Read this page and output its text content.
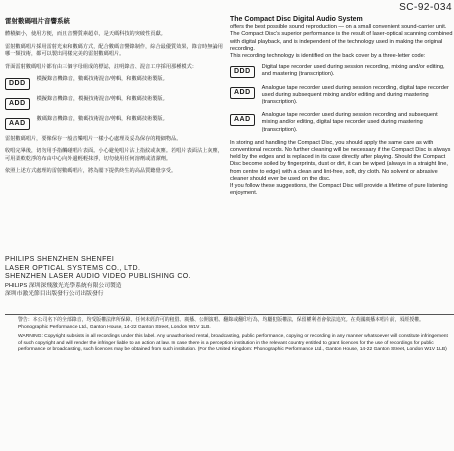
SC-92-034
雷射數碼唱片音響系統

體積細小，使用方便，而且音響質素超卓，是天碼科技的突破性貢獻。

雷射數碼唱片採用雷射光束和數碼方式，配合數碼音響錄制作，綜合最優質效果，錄音時無論用哪一類技術，都可以製出同樣完美的雷射數碼唱片。

背面雷射數碼唱片都有由三個字母組成的標誌，註明錄音、混音工序採用那種模式：

DDD
模擬錄音機錄音，數碼技術混音/剪輯，和數碼技術製版。
ADD
模擬錄音機錄音，模擬技術混音/剪輯，和數碼技術製版。
AAD
數碼錄音機錄音，數碼技術混音/剪輯，和數碼技術製版。

雷射數碼唱片，要像保存一般音樂唱片一樣小心處理及妥為保存的精細物品。

收唱完畢後，切勿用手指觸碰唱片表面。小心避免唱片沾上指紋或灰塵。若唱片表面沾上灰塵，可用柔軟乾淨的布由中心向外邊輕輕抹淨，切勿使用任何溶劑或清潔劑。

依照上述方式處理的雷射數碼唱片，將為閣下提供終生的高品質聽覺享受。

PHILIPS SHENZHEN SHENFEI
LASER OPTICAL SYSTEMS CO., LTD.
SHENZHEN LASER AUDIO VIDEO PUBLISHING CO.
PHILIPS 深圳深飛激光光學系統有限公司製造
深圳市激光節目出版發行公司出版發行
The Compact Disc Digital Audio System

offers the best possible sound reproduction — on a small convenient sound-carrier unit.

The Compact Disc's superior performance is the result of laser-optical scanning combined with digital playback, and is independent of the technology used in making the original recording.

This recording technology is identified on the back cover by a three-letter code:

DDD
Digital tape recorder used during session recording, mixing and/or editing, and mastering (transcription).
ADD
Analogue tape recorder used during session recording, digital tape recorder used during subsequent mixing and/or editing and during mastering (transcription).
AAD
Analogue tape recorder used during session recording and subsequent mixing and/or editing, digital tape recorder used during mastering (transcription).

In storing and handling the Compact Disc, you should apply the same care as with conventional records. No further cleaning will be necessary if the Compact Disc is always held by the edges and is replaced in its case directly after playing. Should the Compact Disc become soiled by fingerprints, dust or dirt, it can be wiped (always in a straight line, from centre to edge) with a clean and lint-free, soft, dry cloth. No solvent or abrasive cleaner should ever be used on the disc.

If you follow these suggestions, the Compact Disc will provide a lifetime of pure listening enjoyment.

警告：本公司名下的全部錄音，均受版權法律所保障，任何未經許可的租借、廣播、公開演唱、翻錄或翻印行為，均屬犯版權法，保留權利者會依法追究。在英國廣播本唱片前，須經授權。Phonographic Performance Ltd., Ganton House, 14-22 Ganton Street, London W1V 1LB.

WARNING: Copyright subsists in all recordings under this label. Any unauthorised rental, broadcasting, public performance, copying or recording in any manner whatsoever will constitute infringement of such copyright and will render the infringer liable to an action at law. In case there is a perception institution in the relevant country entitled to grant licences for the use of recordings for public performance or broadcasting, such licences may be obtained from such institution. (For the United Kingdom: Phonographic Performance Ltd., Ganton House, 14-22 Ganton Street, London W1V 1LB)
